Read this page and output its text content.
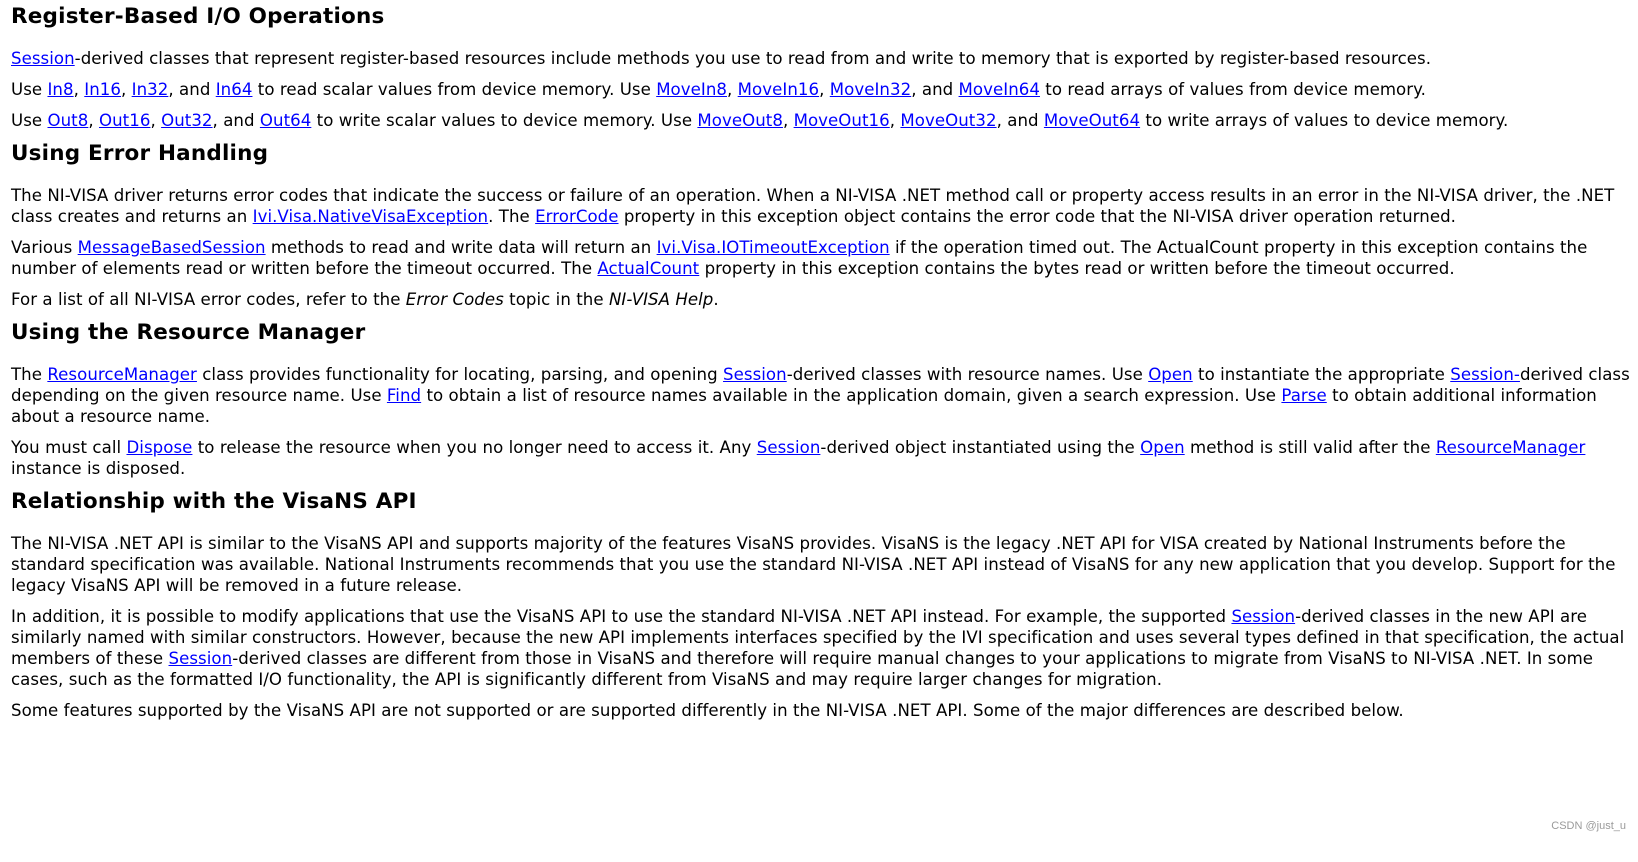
Register-Based I/O Operations

Session-derived classes that represent register-based resources include methods you use to read from and write to memory that is exported by register-based resources.

Use In8, In16, In32, and In64 to read scalar values from device memory. Use MoveIn8, MoveIn16, MoveIn32, and MoveIn64 to read arrays of values from device memory.

Use Out8, Out16, Out32, and Out64 to write scalar values to device memory. Use MoveOut8, MoveOut16, MoveOut32, and MoveOut64 to write arrays of values to device memory.

Using Error Handling

The NI-VISA driver returns error codes that indicate the success or failure of an operation. When a NI-VISA .NET method call or property access results in an error in the NI-VISA driver, the .NET class creates and returns an Ivi.Visa.NativeVisaException. The ErrorCode property in this exception object contains the error code that the NI-VISA driver operation returned.

Various MessageBasedSession methods to read and write data will return an Ivi.Visa.IOTimeoutException if the operation timed out. The ActualCount property in this exception contains the number of elements read or written before the timeout occurred. The ActualCount property in this exception contains the bytes read or written before the timeout occurred.

For a list of all NI-VISA error codes, refer to the Error Codes topic in the NI-VISA Help.

Using the Resource Manager

The ResourceManager class provides functionality for locating, parsing, and opening Session-derived classes with resource names. Use Open to instantiate the appropriate Session-derived class depending on the given resource name. Use Find to obtain a list of resource names available in the application domain, given a search expression. Use Parse to obtain additional information about a resource name.

You must call Dispose to release the resource when you no longer need to access it. Any Session-derived object instantiated using the Open method is still valid after the ResourceManager instance is disposed.

Relationship with the VisaNS API

The NI-VISA .NET API is similar to the VisaNS API and supports majority of the features VisaNS provides. VisaNS is the legacy .NET API for VISA created by National Instruments before the standard specification was available. National Instruments recommends that you use the standard NI-VISA .NET API instead of VisaNS for any new application that you develop. Support for the legacy VisaNS API will be removed in a future release.

In addition, it is possible to modify applications that use the VisaNS API to use the standard NI-VISA .NET API instead. For example, the supported Session-derived classes in the new API are similarly named with similar constructors. However, because the new API implements interfaces specified by the IVI specification and uses several types defined in that specification, the actual members of these Session-derived classes are different from those in VisaNS and therefore will require manual changes to your applications to migrate from VisaNS to NI-VISA .NET. In some cases, such as the formatted I/O functionality, the API is significantly different from VisaNS and may require larger changes for migration.

Some features supported by the VisaNS API are not supported or are supported differently in the NI-VISA .NET API. Some of the major differences are described below.

CSDN @just_u
